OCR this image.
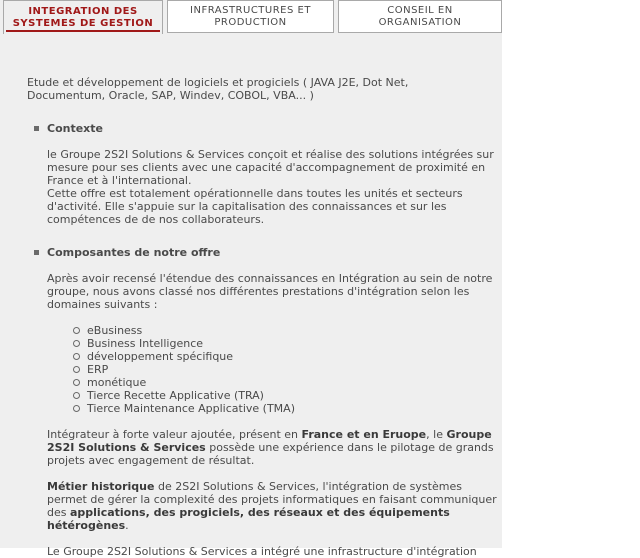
INTEGRATION DES
SYSTEMES DE GESTION
INFRASTRUCTURES ET
PRODUCTION
CONSEIL EN
ORGANISATION

Etude et développement de logiciels et progiciels ( JAVA J2E, Dot Net, Documentum, Oracle, SAP, Windev, COBOL, VBA... )

Contexte

le Groupe 2S2I Solutions & Services conçoit et réalise des solutions intégrées sur mesure pour ses clients avec une capacité d'accompagnement de proximité en France et à l'international.
Cette offre est totalement opérationnelle dans toutes les unités et secteurs d'activité. Elle s'appuie sur la capitalisation des connaissances et sur les compétences de de nos collaborateurs.

Composantes de notre offre

Après avoir recensé l'étendue des connaissances en Intégration au sein de notre groupe, nous avons classé nos différentes prestations d'intégration selon les domaines suivants :

eBusiness
Business Intelligence
développement spécifique
ERP
monétique
Tierce Recette Applicative (TRA)
Tierce Maintenance Applicative (TMA)

Intégrateur à forte valeur ajoutée, présent en France et en Eruope, le Groupe 2S2I Solutions & Services possède une expérience dans le pilotage de grands projets avec engagement de résultat.

Métier historique de 2S2I Solutions & Services, l'intégration de systèmes permet de gérer la complexité des projets informatiques en faisant communiquer des applications, des progiciels, des réseaux et des équipements hétérogènes.

Le Groupe 2S2I Solutions & Services a intégré une infrastructure d'intégration
